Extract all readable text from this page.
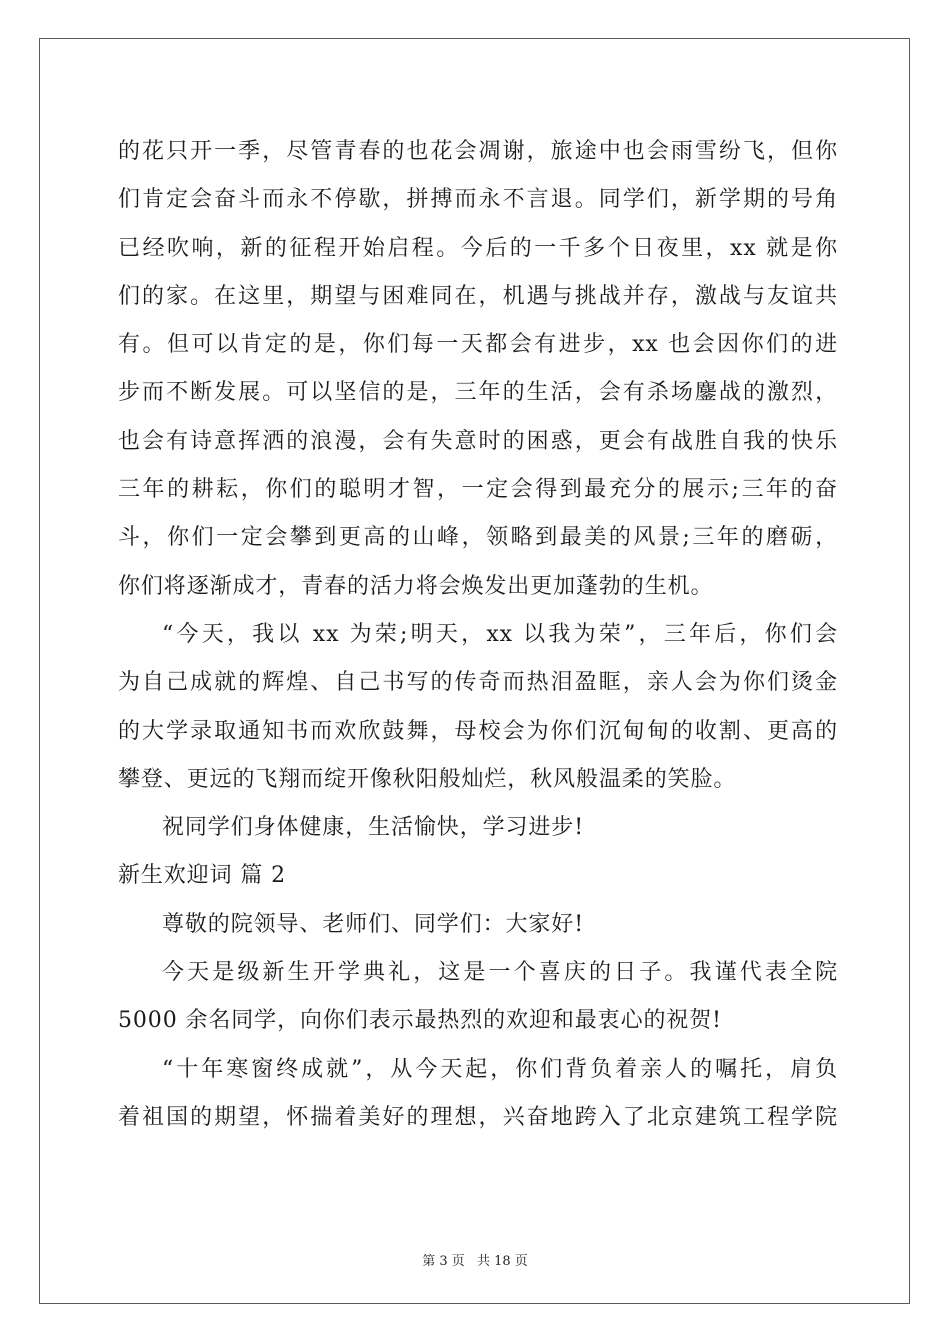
的花只开一季，尽管青春的也花会凋谢，旅途中也会雨雪纷飞，但你
们肯定会奋斗而永不停歇，拼搏而永不言退。同学们，新学期的号角
已经吹响，新的征程开始启程。今后的一千多个日夜里，xx 就是你
们的家。在这里，期望与困难同在，机遇与挑战并存，激战与友谊共
有。但可以肯定的是，你们每一天都会有进步，xx 也会因你们的进
步而不断发展。可以坚信的是，三年的生活，会有杀场鏖战的激烈，
也会有诗意挥洒的浪漫，会有失意时的困惑，更会有战胜自我的快乐
三年的耕耘，你们的聪明才智，一定会得到最充分的展示;三年的奋
斗，你们一定会攀到更高的山峰，领略到最美的风景;三年的磨砺，
你们将逐渐成才，青春的活力将会焕发出更加蓬勃的生机。
“今天，我以 xx 为荣;明天，xx 以我为荣”，三年后，你们会
为自己成就的辉煌、自己书写的传奇而热泪盈眶，亲人会为你们烫金
的大学录取通知书而欢欣鼓舞，母校会为你们沉甸甸的收割、更高的
攀登、更远的飞翔而绽开像秋阳般灿烂，秋风般温柔的笑脸。
祝同学们身体健康，生活愉快，学习进步!
新生欢迎词 篇 2
尊敬的院领导、老师们、同学们：大家好!
今天是级新生开学典礼，这是一个喜庆的日子。我谨代表全院
5000 余名同学，向你们表示最热烈的欢迎和最衷心的祝贺!
“十年寒窗终成就”，从今天起，你们背负着亲人的嘱托，肩负
着祖国的期望，怀揣着美好的理想，兴奋地跨入了北京建筑工程学院
第 3 页 共 18 页
